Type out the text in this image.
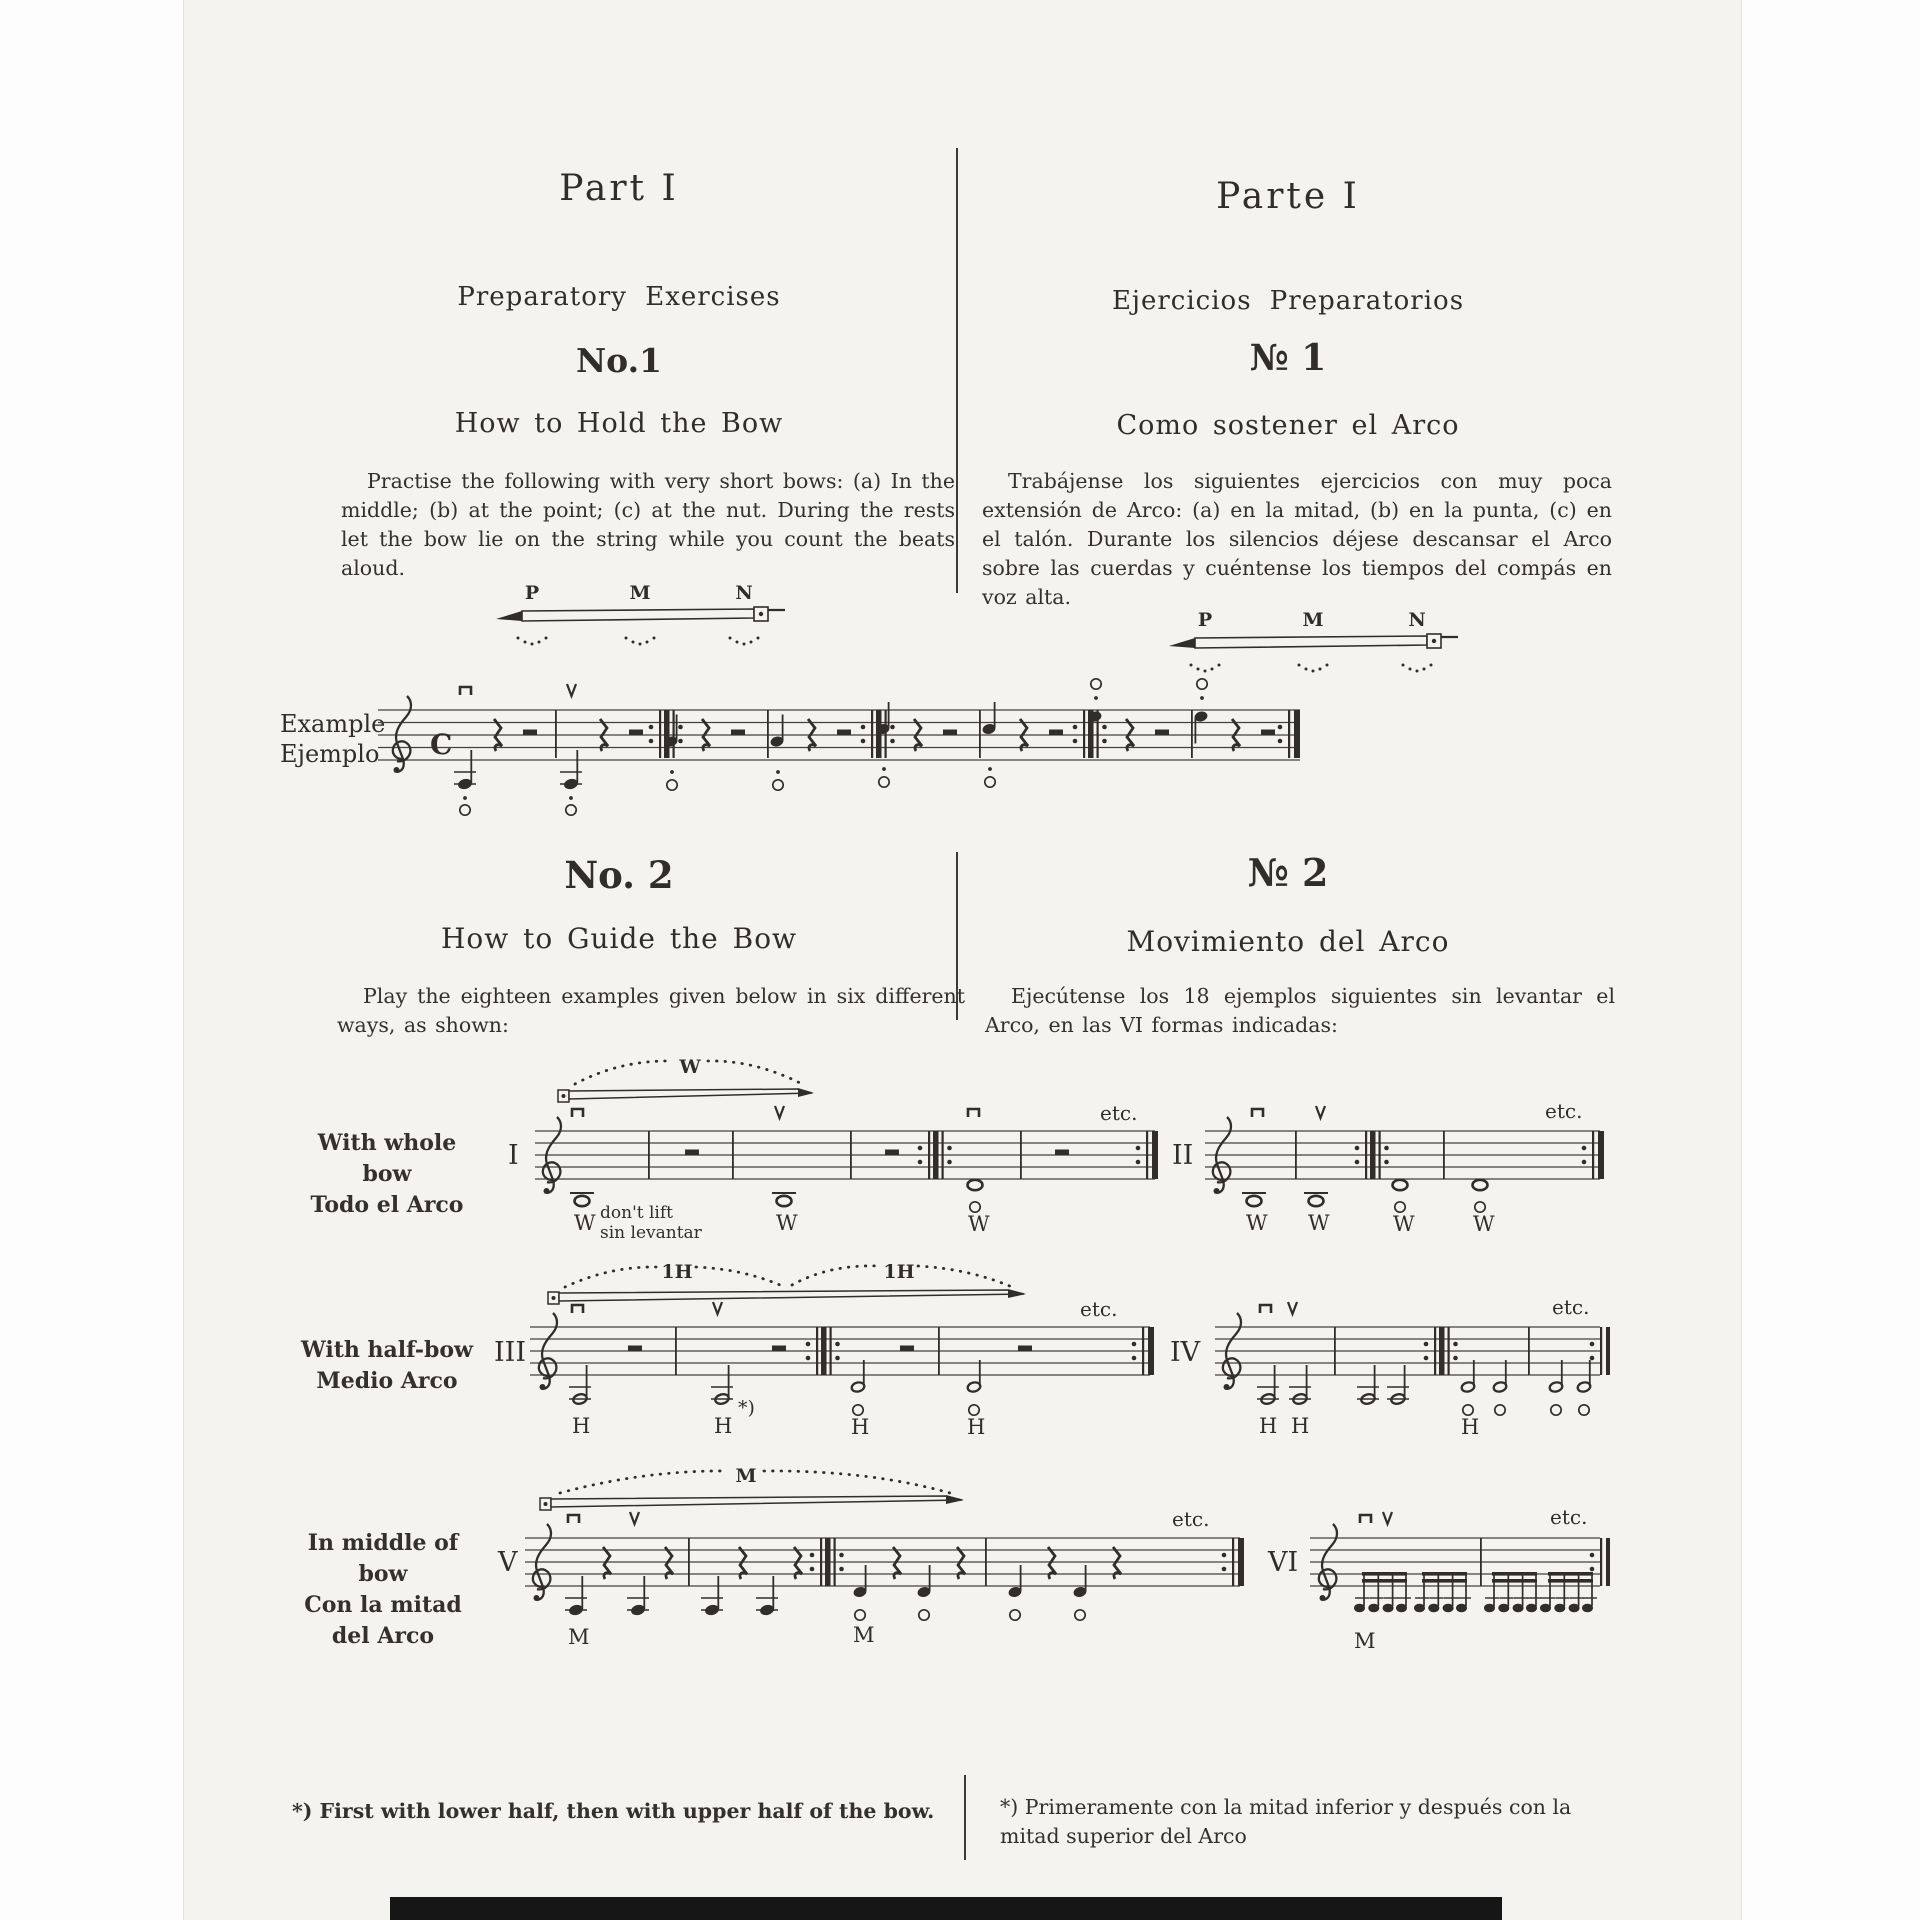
Part I
Preparatory Exercises
No.1
How to Hold the Bow
Practise the following with very short bows: (a) In the middle; (b) at the point; (c) at the nut. During the rests let the bow lie on the string while you count the beats aloud.
Parte I
Ejercicios Preparatorios
№ 1
Como sostener el Arco
Trabájense los siguientes ejercicios con muy poca extensión de Arco: (a) en la mitad, (b) en la punta, (c) en el talón. Durante los silencios déjese descansar el Arco sobre las cuerdas y cuéntense los tiempos del compás en voz alta.
P	M	N
P	M	N
Example
Ejemplo C
No. 2
How to Guide the Bow
Play the eighteen examples given below in six different ways, as shown:
№ 2
Movimiento del Arco
Ejecútense los 18 ejemplos siguientes sin levantar el Arco, en las VI formas indicadas:
With whole bow
Todo el Arco
W
I
W don't lift
sin levantar	W	W
etc.
II
W W	W	W
etc.
With half-bow
Medio Arco
1H	1H
III
H	H
*)
H	H
etc.
IV
H H	H
etc.
In middle of bow
Con la mitad
del Arco
M
V
M	M
etc.
VI
M
etc.
*) First with lower half, then with upper half of the bow.	*) Primeramente con la mitad inferior y después con la
mitad superior del Arco
